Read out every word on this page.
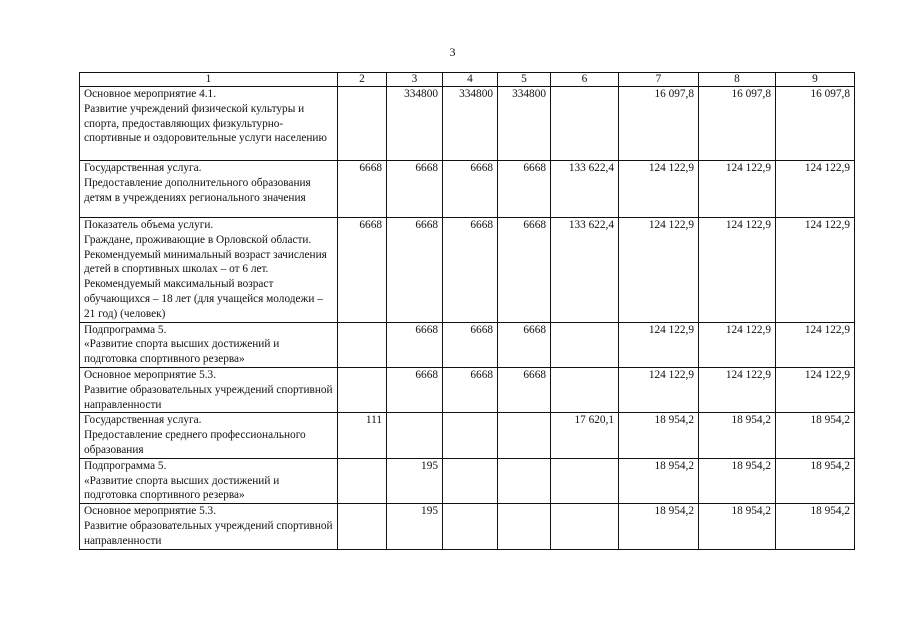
3
1	2	3	4	5	6	7	8	9

Основное мероприятие 4.1.
Развитие учреждений физической культуры и спорта, предоставляющих физкультурно-спортивные и оздоровительные услуги населению		334800	334800	334800		16 097,8	16 097,8	16 097,8

Государственная услуга.
Предоставление дополнительного образования детям в учреждениях регионального значения	6668	6668	6668	6668	133 622,4	124 122,9	124 122,9	124 122,9

Показатель объема услуги.
Граждане, проживающие в Орловской области. Рекомендуемый минимальный возраст зачисления детей в спортивных школах – от 6 лет. Рекомендуемый максимальный возраст обучающихся – 18 лет (для учащейся молодежи – 21 год) (человек)	6668	6668	6668	6668	133 622,4	124 122,9	124 122,9	124 122,9

Подпрограмма 5.
«Развитие спорта высших достижений и подготовка спортивного резерва»		6668	6668	6668		124 122,9	124 122,9	124 122,9

Основное мероприятие 5.3.
Развитие образовательных учреждений спортивной направленности		6668	6668	6668		124 122,9	124 122,9	124 122,9

Государственная услуга.
Предоставление среднего профессионального образования	111				17 620,1	18 954,2	18 954,2	18 954,2

Подпрограмма 5.
«Развитие спорта высших достижений и подготовка спортивного резерва»		195				18 954,2	18 954,2	18 954,2

Основное мероприятие 5.3.
Развитие образовательных учреждений спортивной направленности		195				18 954,2	18 954,2	18 954,2
